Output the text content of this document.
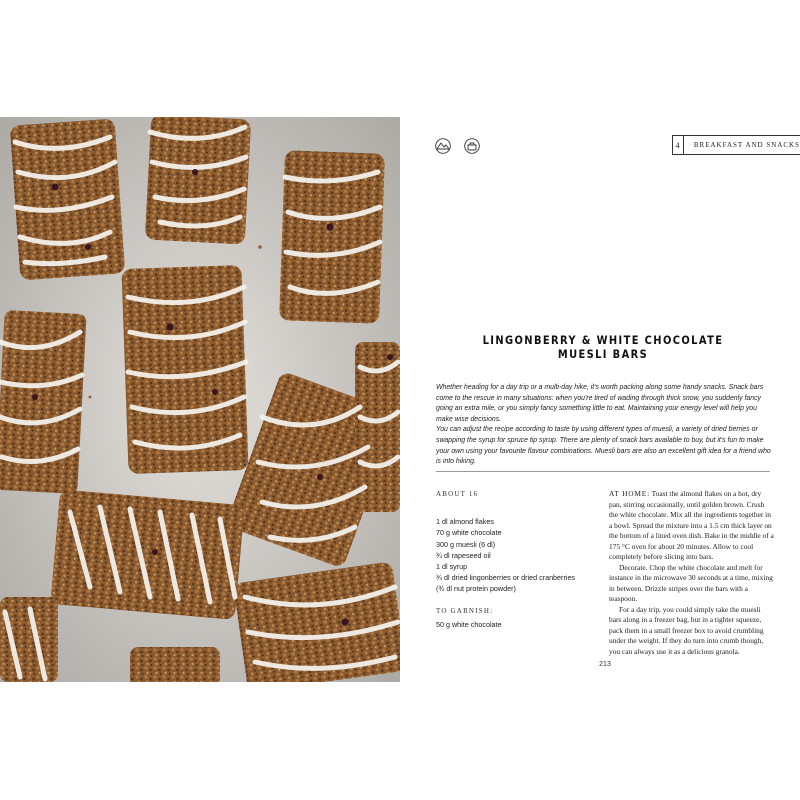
4	BREAKFAST AND SNACKS
LINGONBERRY & WHITE CHOCOLATE MUESLI BARS

Whether heading for a day trip or a multi-day hike, it's worth packing along some handy snacks. Snack bars come to the rescue in many situations: when you're tired of wading through thick snow, you suddenly fancy going an extra mile, or you simply fancy something little to eat. Maintaining your energy level will help you make wise decisions.

You can adjust the recipe according to taste by using different types of muesli, a variety of dried berries or swapping the syrup for spruce tip syrup. There are plenty of snack bars available to buy, but it's fun to make your own using your favourite flavour combinations. Muesli bars are also an excellent gift idea for a friend who is into hiking.

ABOUT 16
1 dl almond flakes
70 g white chocolate
300 g muesli (6 dl)
¾ dl rapeseed oil
1 dl syrup
¾ dl dried lingonberries or dried cranberries
(¾ dl nut protein powder)
TO GARNISH:
50 g white chocolate

AT HOME: Toast the almond flakes on a hot, dry pan, stirring occasionally, until golden brown. Crush the white chocolate. Mix all the ingredients together in a bowl. Spread the mixture into a 1.5 cm thick layer on the bottom of a lined oven dish. Bake in the middle of a 175 °C oven for about 20 minutes. Allow to cool completely before slicing into bars.

Decorate. Chop the white chocolate and melt for instance in the microwave 30 seconds at a time, mixing in between. Drizzle stripes over the bars with a teaspoon.

For a day trip, you could simply take the muesli bars along in a freezer bag, but in a tighter squeeze, pack them in a small freezer box to avoid crumbling under the weight. If they do turn into crumb though, you can always use it as a delicious granola.

213
